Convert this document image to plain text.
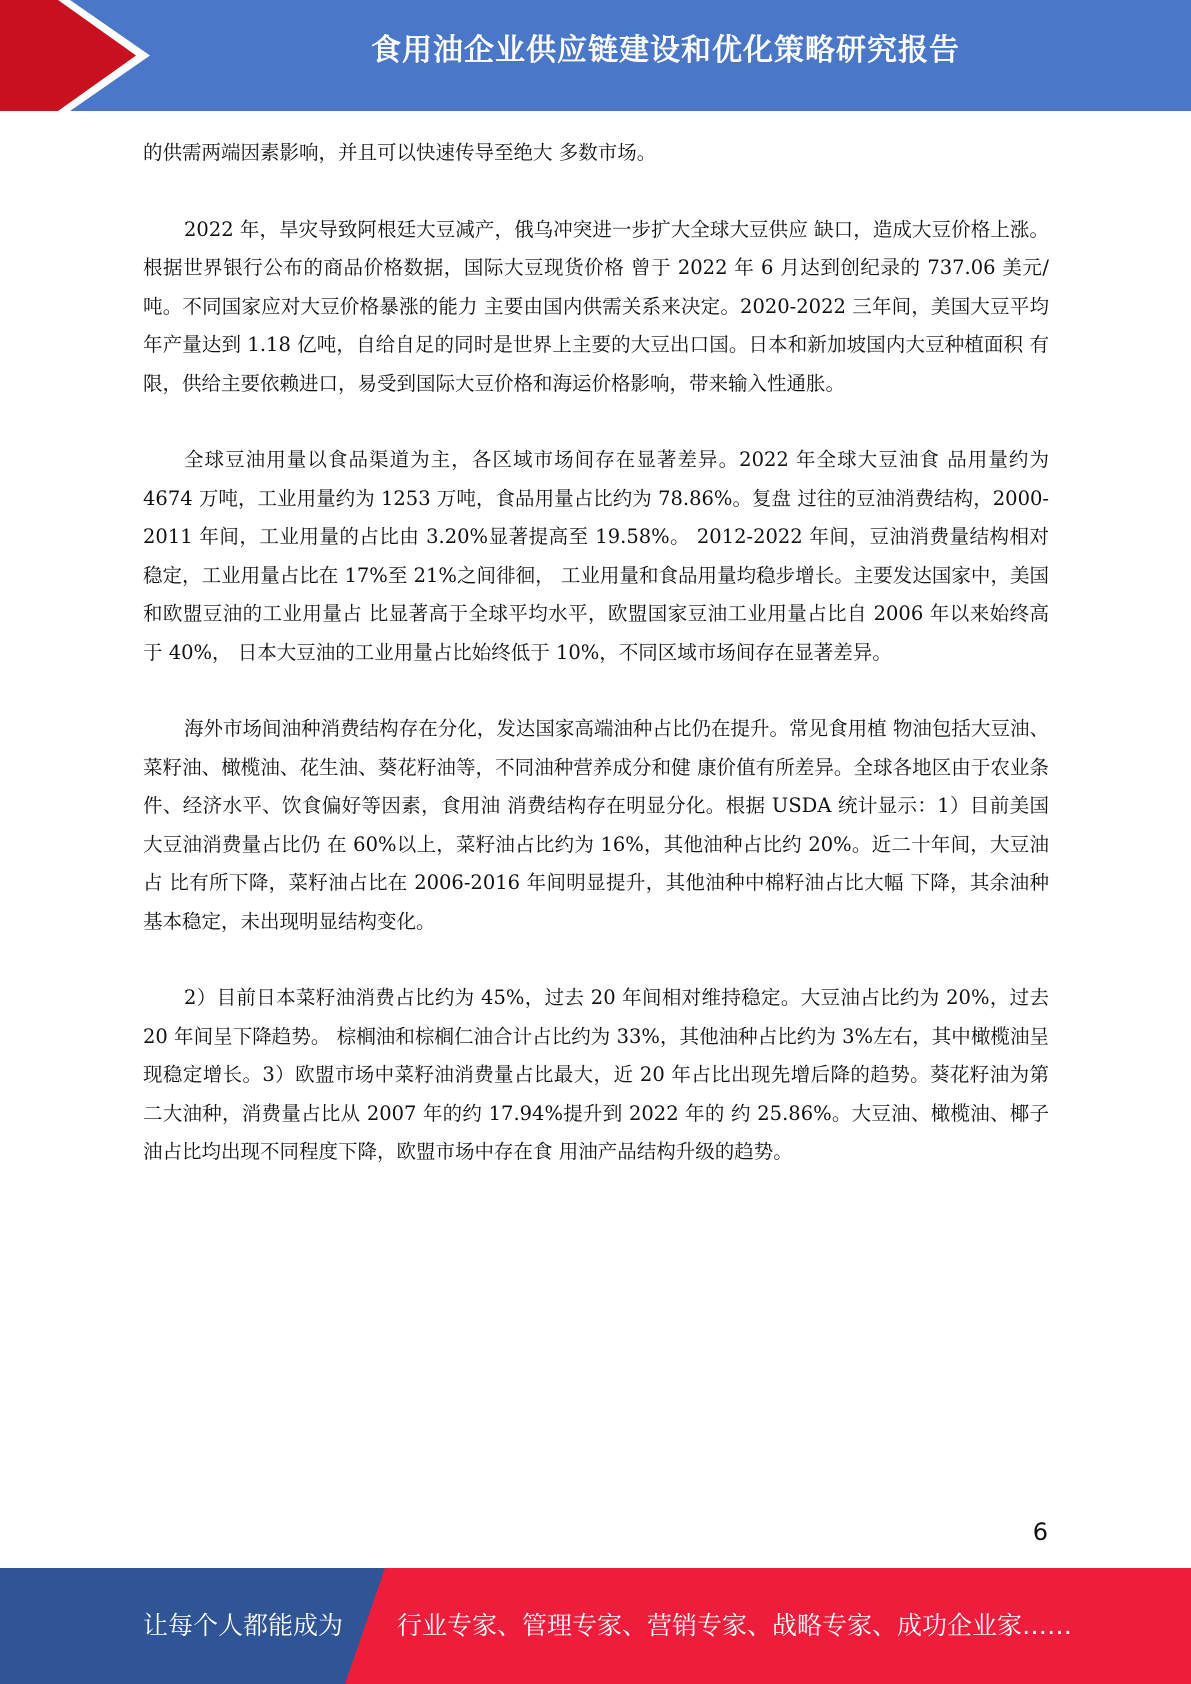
食用油企业供应链建设和优化策略研究报告

的供需两端因素影响，并且可以快速传导至绝大 多数市场。

2022 年，旱灾导致阿根廷大豆减产，俄乌冲突进一步扩大全球大豆供应 缺口，造成大豆价格上涨。根据世界银行公布的商品价格数据，国际大豆现货价格 曾于 2022 年 6 月达到创纪录的 737.06 美元/吨。不同国家应对大豆价格暴涨的能力 主要由国内供需关系来决定。2020-2022 三年间，美国大豆平均年产量达到 1.18 亿吨，自给自足的同时是世界上主要的大豆出口国。日本和新加坡国内大豆种植面积 有限，供给主要依赖进口，易受到国际大豆价格和海运价格影响，带来输入性通胀。

全球豆油用量以食品渠道为主，各区域市场间存在显著差异。2022 年全球大豆油食 品用量约为 4674 万吨，工业用量约为 1253 万吨，食品用量占比约为 78.86%。复盘 过往的豆油消费结构，2000-2011 年间，工业用量的占比由 3.20%显著提高至 19.58%。 2012-2022 年间，豆油消费量结构相对稳定，工业用量占比在 17%至 21%之间徘徊， 工业用量和食品用量均稳步增长。主要发达国家中，美国和欧盟豆油的工业用量占 比显著高于全球平均水平，欧盟国家豆油工业用量占比自 2006 年以来始终高于 40%， 日本大豆油的工业用量占比始终低于 10%，不同区域市场间存在显著差异。

海外市场间油种消费结构存在分化，发达国家高端油种占比仍在提升。常见食用植 物油包括大豆油、菜籽油、橄榄油、花生油、葵花籽油等，不同油种营养成分和健 康价值有所差异。全球各地区由于农业条件、经济水平、饮食偏好等因素，食用油 消费结构存在明显分化。根据 USDA 统计显示：1）目前美国大豆油消费量占比仍 在 60%以上，菜籽油占比约为 16%，其他油种占比约 20%。近二十年间，大豆油占 比有所下降，菜籽油占比在 2006-2016 年间明显提升，其他油种中棉籽油占比大幅 下降，其余油种基本稳定，未出现明显结构变化。

2）目前日本菜籽油消费占比约为 45%，过去 20 年间相对维持稳定。大豆油占比约为 20%，过去 20 年间呈下降趋势。 棕榈油和棕榈仁油合计占比约为 33%，其他油种占比约为 3%左右，其中橄榄油呈 现稳定增长。3）欧盟市场中菜籽油消费量占比最大，近 20 年占比出现先增后降的趋势。葵花籽油为第二大油种，消费量占比从 2007 年的约 17.94%提升到 2022 年的 约 25.86%。大豆油、橄榄油、椰子油占比均出现不同程度下降，欧盟市场中存在食 用油产品结构升级的趋势。

6
让每个人都能成为 行业专家、管理专家、营销专家、战略专家、成功企业家……
